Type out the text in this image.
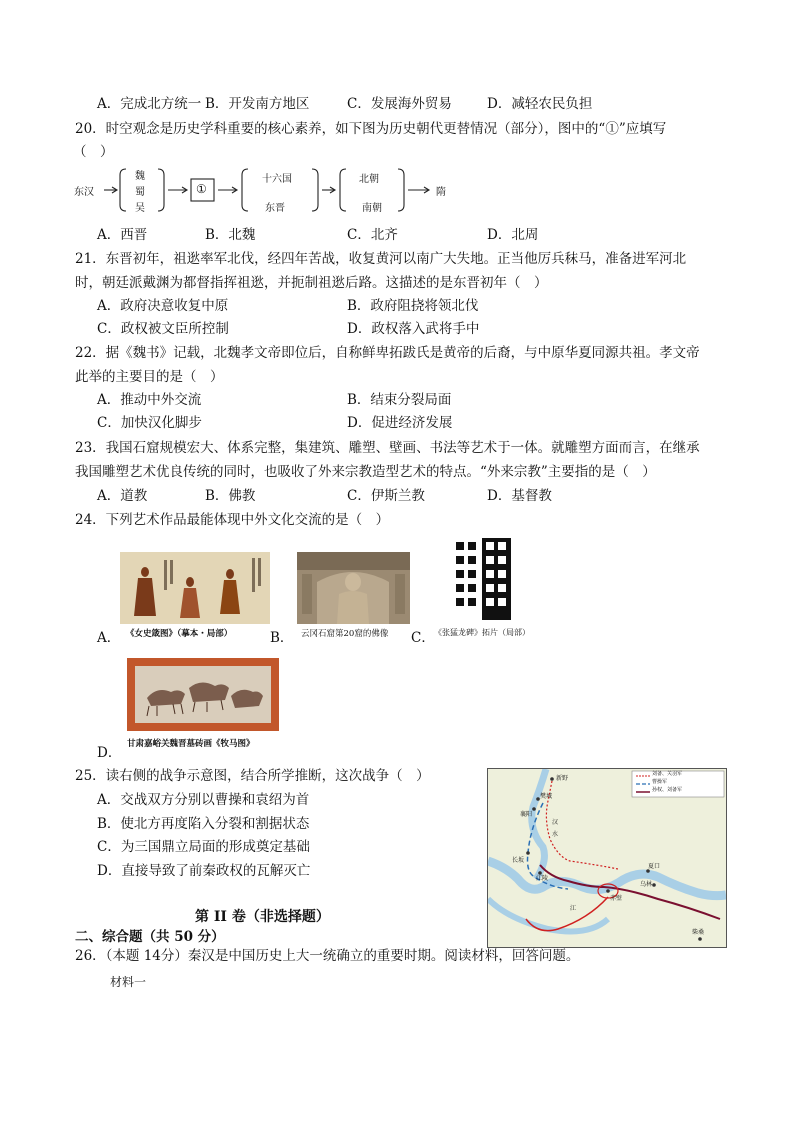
A．完成北方统一 B．开发南方地区	C．发展海外贸易	D．减轻农民负担
20．时空观念是历史学科重要的核心素养，如下图为历史朝代更替情况（部分），图中的“①”应填写
（　）
东汉
魏
蜀
吴
①
十六国
东晋
北朝
南朝
隋
A．西晋	B．北魏	C．北齐	D．北周
21．东晋初年，祖逖率军北伐，经四年苦战，收复黄河以南广大失地。正当他厉兵秣马，准备进军河北
时，朝廷派戴渊为都督指挥祖逖，并扼制祖逖后路。这描述的是东晋初年（　）
A．政府决意收复中原	B．政府阻挠将领北伐
C．政权被文臣所控制	D．政权落入武将手中
22．据《魏书》记载，北魏孝文帝即位后，自称鲜卑拓跋氏是黄帝的后裔，与中原华夏同源共祖。孝文帝
此举的主要目的是（　）
A．推动中外交流	B．结束分裂局面
C．加快汉化脚步	D．促进经济发展
23．我国石窟规模宏大、体系完整，集建筑、雕塑、壁画、书法等艺术于一体。就雕塑方面而言，在继承
我国雕塑艺术优良传统的同时，也吸收了外来宗教造型艺术的特点。“外来宗教”主要指的是（　）
A．道教	B．佛教	C．伊斯兰教	D．基督教
24．下列艺术作品最能体现中外文化交流的是（　）
A． 《女史箴图》（摹本・局部）	B． 云冈石窟第20窟的佛像 C． 《张猛龙碑》拓片（局部）
甘肃嘉峪关魏晋墓砖画《牧马图》
D．
25．读右侧的战争示意图，结合所学推断，这次战争（　）
A．交战双方分别以曹操和袁绍为首
B．使北方再度陷入分裂和割据状态
C．为三国鼎立局面的形成奠定基础
D．直接导致了前秦政权的瓦解灭亡
刘备、关羽军
曹操军
孙权、刘备军
新野
樊城
襄阳
长坂
江陵
乌林
赤壁
夏口
柴桑
汉
水
江
第 II 卷（非选择题）
二、综合题（共 50 分）
26．（本题 14分）秦汉是中国历史上大一统确立的重要时期。阅读材料，回答问题。
材料一
